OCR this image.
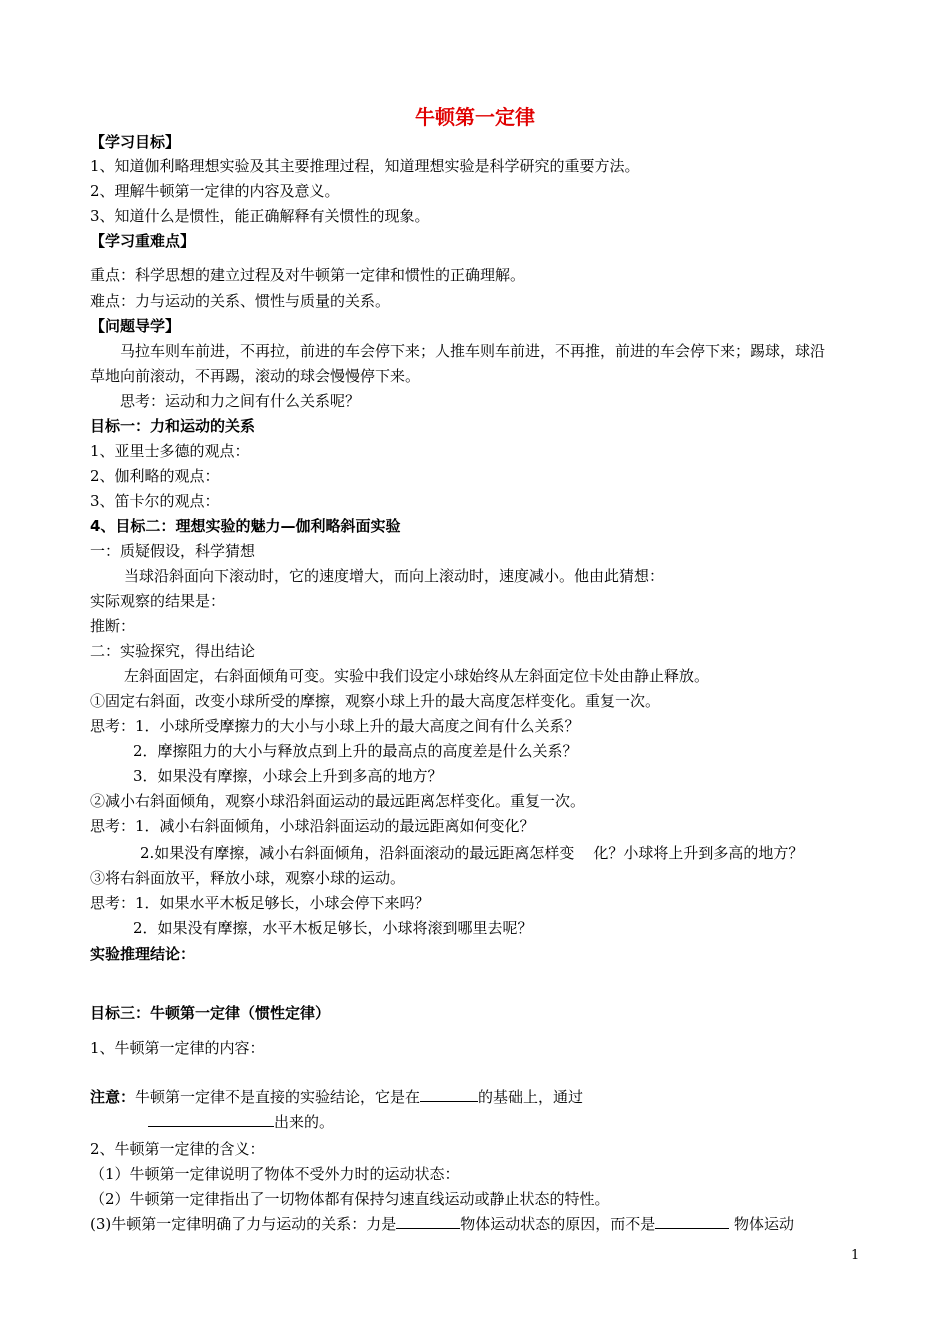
牛顿第一定律
【学习目标】
1、知道伽利略理想实验及其主要推理过程，知道理想实验是科学研究的重要方法。
2、理解牛顿第一定律的内容及意义。
3、知道什么是惯性，能正确解释有关惯性的现象。
【学习重难点】
重点：科学思想的建立过程及对牛顿第一定律和惯性的正确理解。
难点：力与运动的关系、惯性与质量的关系。
【问题导学】
马拉车则车前进，不再拉，前进的车会停下来；人推车则车前进，不再推，前进的车会停下来；踢球，球沿
草地向前滚动，不再踢，滚动的球会慢慢停下来。
思考：运动和力之间有什么关系呢？
目标一：力和运动的关系
1、亚里士多德的观点：
2、伽利略的观点：
3、笛卡尔的观点：
4、目标二：理想实验的魅力—伽利略斜面实验
一：质疑假设，科学猜想
当球沿斜面向下滚动时，它的速度增大，而向上滚动时，速度减小。他由此猜想：
实际观察的结果是：
推断：
二：实验探究，得出结论
左斜面固定，右斜面倾角可变。实验中我们设定小球始终从左斜面定位卡处由静止释放。
①固定右斜面，改变小球所受的摩擦，观察小球上升的最大高度怎样变化。重复一次。
思考：1．小球所受摩擦力的大小与小球上升的最大高度之间有什么关系？
2．摩擦阻力的大小与释放点到上升的最高点的高度差是什么关系？
3．如果没有摩擦，小球会上升到多高的地方？
②减小右斜面倾角，观察小球沿斜面运动的最远距离怎样变化。重复一次。
思考：1．减小右斜面倾角，小球沿斜面运动的最远距离如何变化？
2.如果没有摩擦，减小右斜面倾角，沿斜面滚动的最远距离怎样变    化？小球将上升到多高的地方？
③将右斜面放平，释放小球，观察小球的运动。
思考：1．如果水平木板足够长，小球会停下来吗？
2．如果没有摩擦，水平木板足够长，小球将滚到哪里去呢？
实验推理结论：
目标三：牛顿第一定律（惯性定律）
1、牛顿第一定律的内容：
注意：牛顿第一定律不是直接的实验结论，它是在	的基础上，通过
出来的。
2、牛顿第一定律的含义：
（1）牛顿第一定律说明了物体不受外力时的运动状态：
（2）牛顿第一定律指出了一切物体都有保持匀速直线运动或静止状态的特性。
(3)牛顿第一定律明确了力与运动的关系：力是	物体运动状态的原因，而不是	物体运动
1
